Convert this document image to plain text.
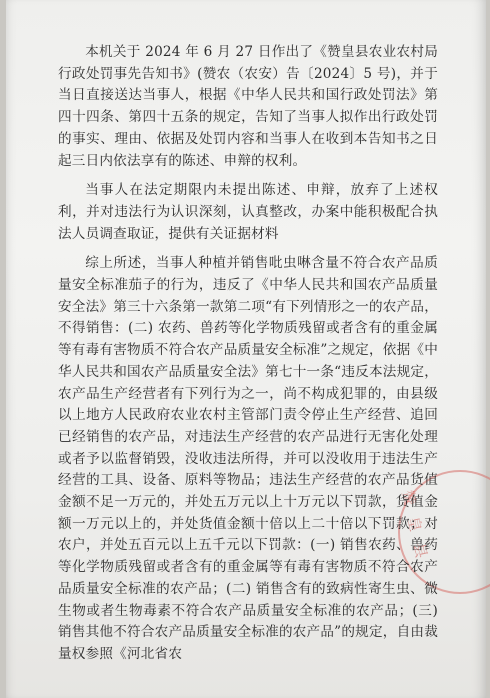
赞皇县

本机关于 2024 年 6 月 27 日作出了《赞皇县农业农村局行政处罚事先告知书》(赞农（农安）告〔2024〕5 号)，并于当日直接送达当事人，根据《中华人民共和国行政处罚法》第四十四条、第四十五条的规定，告知了当事人拟作出行政处罚的事实、理由、依据及处罚内容和当事人在收到本告知书之日起三日内依法享有的陈述、申辩的权利。

当事人在法定期限内未提出陈述、申辩，放弃了上述权利，并对违法行为认识深刻，认真整改，办案中能积极配合执法人员调查取证，提供有关证据材料

综上所述，当事人种植并销售吡虫啉含量不符合农产品质量安全标准茄子的行为，违反了《中华人民共和国农产品质量安全法》第三十六条第一款第二项“有下列情形之一的农产品，不得销售：(二) 农药、兽药等化学物质残留或者含有的重金属等有毒有害物质不符合农产品质量安全标准”之规定，依据《中华人民共和国农产品质量安全法》第七十一条“违反本法规定，农产品生产经营者有下列行为之一，尚不构成犯罪的，由县级以上地方人民政府农业农村主管部门责令停止生产经营、追回已经销售的农产品，对违法生产经营的农产品进行无害化处理或者予以监督销毁，没收违法所得，并可以没收用于违法生产经营的工具、设备、原料等物品；违法生产经营的农产品货值金额不足一万元的，并处五万元以上十万元以下罚款，货值金额一万元以上的，并处货值金额十倍以上二十倍以下罚款；对农户，并处五百元以上五千元以下罚款：(一) 销售农药、兽药等化学物质残留或者含有的重金属等有毒有害物质不符合农产品质量安全标准的农产品；(二) 销售含有的致病性寄生虫、微生物或者生物毒素不符合农产品质量安全标准的农产品；(三) 销售其他不符合农产品质量安全标准的农产品”的规定，自由裁量权参照《河北省农
